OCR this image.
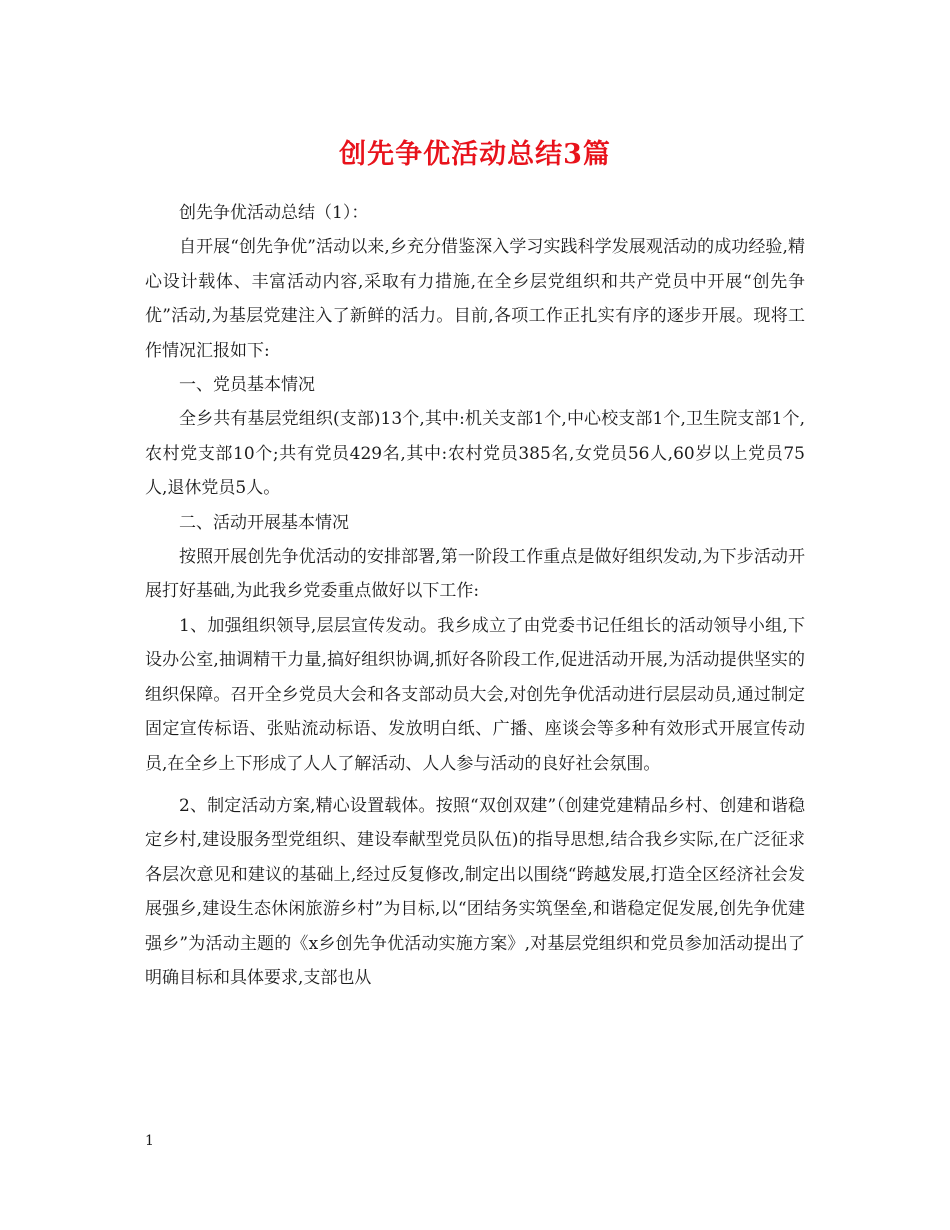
创先争优活动总结3篇

创先争优活动总结（1）：

自开展“创先争优”活动以来,乡充分借鉴深入学习实践科学发展观活动的成功经验,精心设计载体、丰富活动内容,采取有力措施,在全乡层党组织和共产党员中开展“创先争优”活动,为基层党建注入了新鲜的活力。目前,各项工作正扎实有序的逐步开展。现将工作情况汇报如下:

一、党员基本情况

全乡共有基层党组织(支部)13个,其中:机关支部1个,中心校支部1个,卫生院支部1个,农村党支部10个;共有党员429名,其中:农村党员385名,女党员56人,60岁以上党员75人,退休党员5人。

二、活动开展基本情况

按照开展创先争优活动的安排部署,第一阶段工作重点是做好组织发动,为下步活动开展打好基础,为此我乡党委重点做好以下工作:

1、加强组织领导,层层宣传发动。我乡成立了由党委书记任组长的活动领导小组,下设办公室,抽调精干力量,搞好组织协调,抓好各阶段工作,促进活动开展,为活动提供坚实的组织保障。召开全乡党员大会和各支部动员大会,对创先争优活动进行层层动员,通过制定固定宣传标语、张贴流动标语、发放明白纸、广播、座谈会等多种有效形式开展宣传动员,在全乡上下形成了人人了解活动、人人参与活动的良好社会氛围。

2、制定活动方案,精心设置载体。按照“双创双建”（创建党建精品乡村、创建和谐稳定乡村,建设服务型党组织、建设奉献型党员队伍)的指导思想,结合我乡实际,在广泛征求各层次意见和建议的基础上,经过反复修改,制定出以围绕“跨越发展,打造全区经济社会发展强乡,建设生态休闲旅游乡村”为目标,以“团结务实筑堡垒,和谐稳定促发展,创先争优建强乡”为活动主题的《x乡创先争优活动实施方案》,对基层党组织和党员参加活动提出了明确目标和具体要求,支部也从

1
